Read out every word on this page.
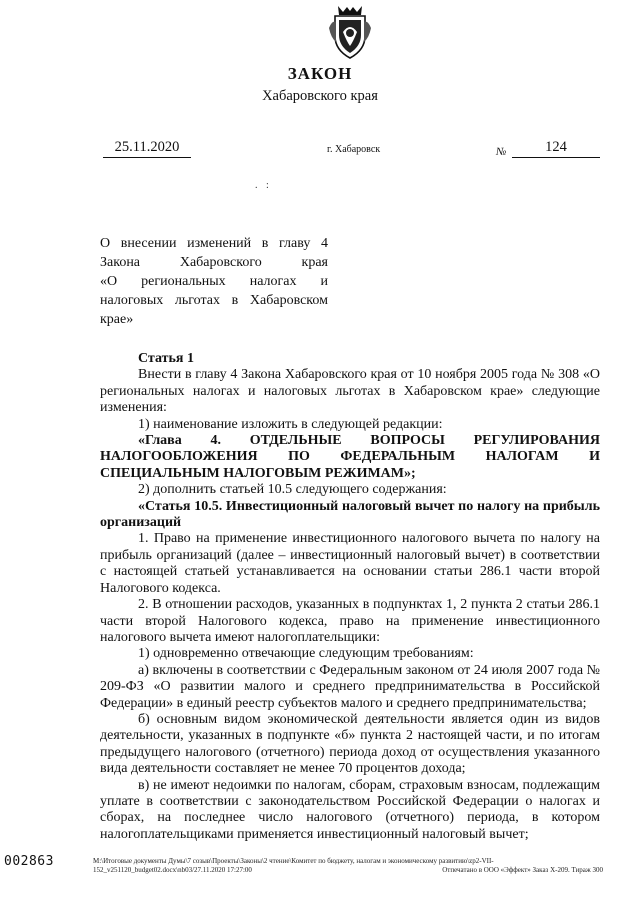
ЗАКОН
Хабаровского края
25.11.2020	г. Хабаровск	№	124
. :
О внесении изменений в главу 4
Закона Хабаровского края
«О региональных налогах и
налоговых льготах в Хабаровском
крае»

Статья 1

Внести в главу 4 Закона Хабаровского края от 10 ноября 2005 года № 308 «О региональных налогах и налоговых льготах в Хабаровском крае» следующие изменения:

1) наименование изложить в следующей редакции:

«Глава 4. ОТДЕЛЬНЫЕ ВОПРОСЫ РЕГУЛИРОВАНИЯ НАЛОГООБЛОЖЕНИЯ ПО ФЕДЕРАЛЬНЫМ НАЛОГАМ И СПЕЦИАЛЬНЫМ НАЛОГОВЫМ РЕЖИМАМ»;

2) дополнить статьей 10.5 следующего содержания:

«Статья 10.5. Инвестиционный налоговый вычет по налогу на прибыль организаций

1. Право на применение инвестиционного налогового вычета по налогу на прибыль организаций (далее – инвестиционный налоговый вычет) в соответствии с настоящей статьей устанавливается на основании статьи 286.1 части второй Налогового кодекса.

2. В отношении расходов, указанных в подпунктах 1, 2 пункта 2 статьи 286.1 части второй Налогового кодекса, право на применение инвестиционного налогового вычета имеют налогоплательщики:

1) одновременно отвечающие следующим требованиям:

а) включены в соответствии с Федеральным законом от 24 июля 2007 года № 209-ФЗ «О развитии малого и среднего предпринимательства в Российской Федерации» в единый реестр субъектов малого и среднего предпринимательства;

б) основным видом экономической деятельности является один из видов деятельности, указанных в подпункте «б» пункта 2 настоящей части, и по итогам предыдущего налогового (отчетного) периода доход от осуществления указанного вида деятельности составляет не менее 70 процентов дохода;

в) не имеют недоимки по налогам, сборам, страховым взносам, подлежащим уплате в соответствии с законодательством Российской Федерации о налогах и сборах, на последнее число налогового (отчетного) периода, в котором налогоплательщиками применяется инвестиционный налоговый вычет;

002863	M:\Итоговые документы Думы\7 созыв\Проекты\Законы\2 чтение\Комитет по бюджету, налогам и экономическому развитию\zp2-VII-
152_v251120_budget02.docx\nb03/27.11.2020 17:27:00	Отпечатано в ООО «Эффект» Заказ Х-209. Тираж 300
